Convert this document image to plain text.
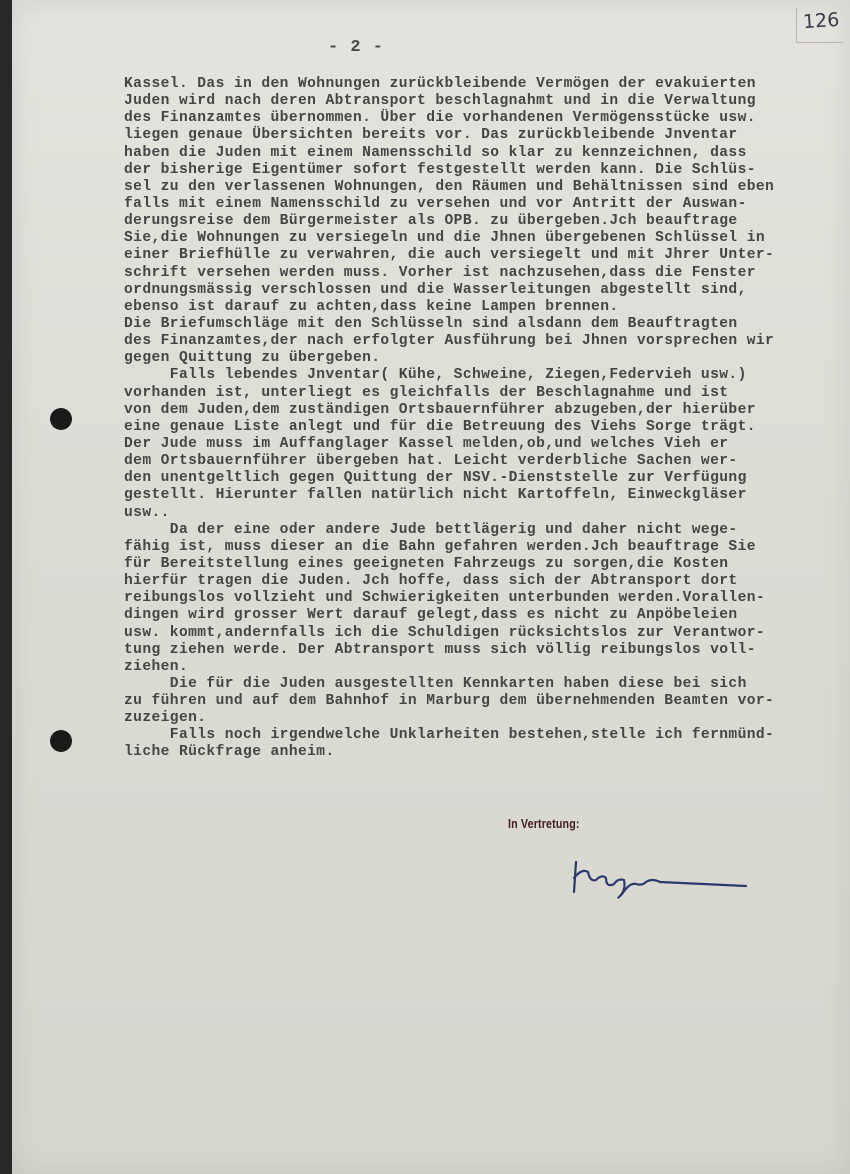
126
- 2 -
Kassel. Das in den Wohnungen zurückbleibende Vermögen der evakuierten
Juden wird nach deren Abtransport beschlagnahmt und in die Verwaltung
des Finanzamtes übernommen. Über die vorhandenen Vermögensstücke usw.
liegen genaue Übersichten bereits vor. Das zurückbleibende Jnventar
haben die Juden mit einem Namensschild so klar zu kennzeichnen, dass
der bisherige Eigentümer sofort festgestellt werden kann. Die Schlüs-
sel zu den verlassenen Wohnungen, den Räumen und Behältnissen sind eben
falls mit einem Namensschild zu versehen und vor Antritt der Auswan-
derungsreise dem Bürgermeister als OPB. zu übergeben.Jch beauftrage
Sie,die Wohnungen zu versiegeln und die Jhnen übergebenen Schlüssel in
einer Briefhülle zu verwahren, die auch versiegelt und mit Jhrer Unter-
schrift versehen werden muss. Vorher ist nachzusehen,dass die Fenster
ordnungsmässig verschlossen und die Wasserleitungen abgestellt sind,
ebenso ist darauf zu achten,dass keine Lampen brennen.
Die Briefumschläge mit den Schlüsseln sind alsdann dem Beauftragten
des Finanzamtes,der nach erfolgter Ausführung bei Jhnen vorsprechen wir
gegen Quittung zu übergeben.
Falls lebendes Jnventar( Kühe, Schweine, Ziegen,Federvieh usw.)
vorhanden ist, unterliegt es gleichfalls der Beschlagnahme und ist
von dem Juden,dem zuständigen Ortsbauernführer abzugeben,der hierüber
eine genaue Liste anlegt und für die Betreuung des Viehs Sorge trägt.
Der Jude muss im Auffanglager Kassel melden,ob,und welches Vieh er
dem Ortsbauernführer übergeben hat. Leicht verderbliche Sachen wer-
den unentgeltlich gegen Quittung der NSV.-Dienststelle zur Verfügung
gestellt. Hierunter fallen natürlich nicht Kartoffeln, Einweckgläser
usw..
Da der eine oder andere Jude bettlägerig und daher nicht wege-
fähig ist, muss dieser an die Bahn gefahren werden.Jch beauftrage Sie
für Bereitstellung eines geeigneten Fahrzeugs zu sorgen,die Kosten
hierfür tragen die Juden. Jch hoffe, dass sich der Abtransport dort
reibungslos vollzieht und Schwierigkeiten unterbunden werden.Vorallen-
dingen wird grosser Wert darauf gelegt,dass es nicht zu Anpöbeleien
usw. kommt,andernfalls ich die Schuldigen rücksichtslos zur Verantwor-
tung ziehen werde. Der Abtransport muss sich völlig reibungslos voll-
ziehen.
Die für die Juden ausgestellten Kennkarten haben diese bei sich
zu führen und auf dem Bahnhof in Marburg dem übernehmenden Beamten vor-
zuzeigen.
Falls noch irgendwelche Unklarheiten bestehen,stelle ich fernmünd-
liche Rückfrage anheim.
In Vertretung:
